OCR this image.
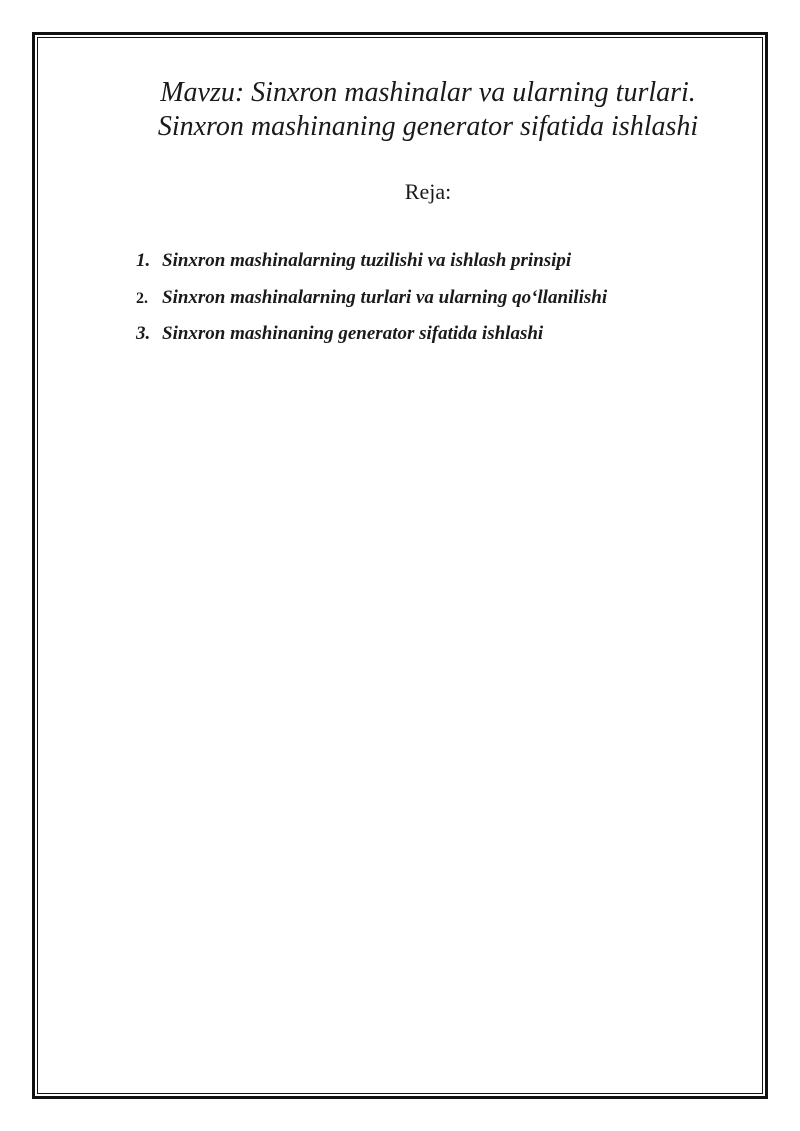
Mavzu: Sinxron mashinalar va ularning turlari.
Sinxron mashinaning generator sifatida ishlashi

Reja:

1. Sinxron mashinalarning tuzilishi va ishlash prinsipi
2. Sinxron mashinalarning turlari va ularning qo‘llanilishi
3. Sinxron mashinaning generator sifatida ishlashi
